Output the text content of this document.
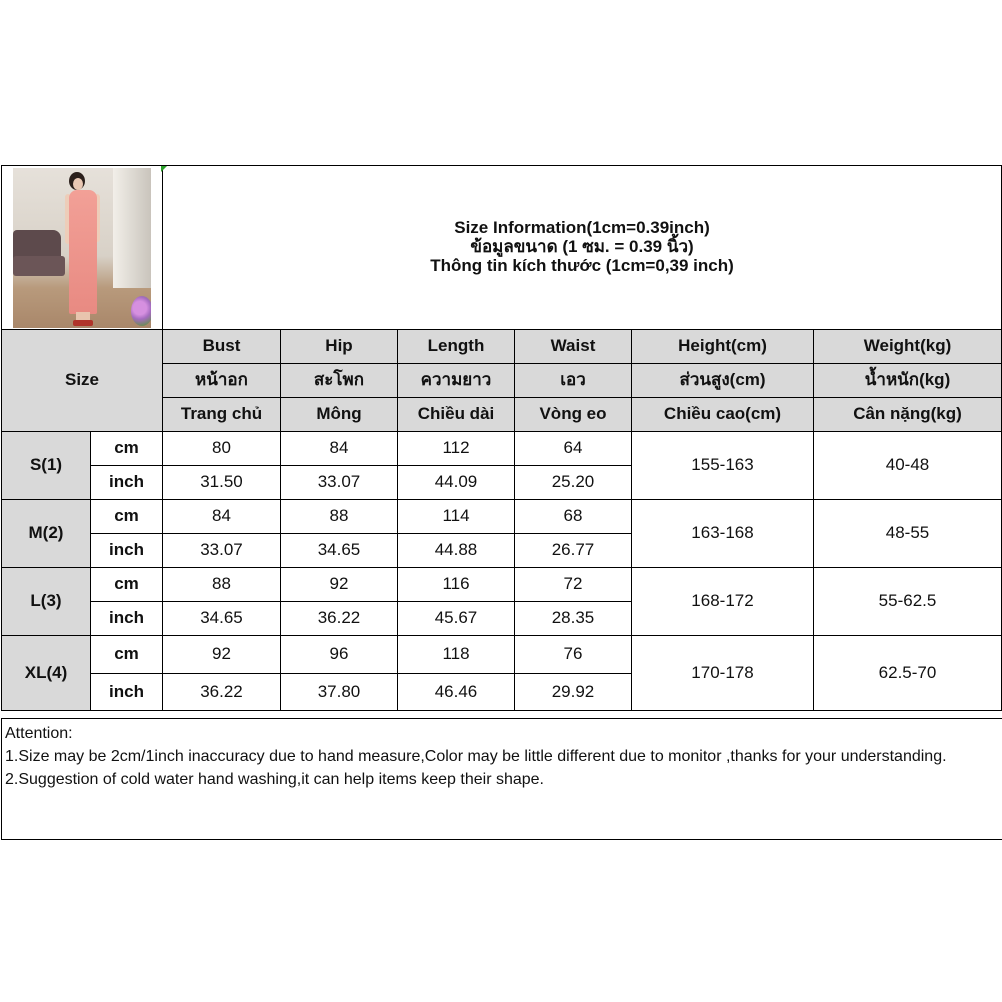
		Size Information(1cm=0.39inch)
ข้อมูลขนาด (1 ซม. = 0.39 นิ้ว)
Thông tin kích thước (1cm=0,39 inch)					

Size		Bust	Hip	Length	Waist	Height(cm)	Weight(kg)
		หน้าอก	สะโพก	ความยาว	เอว	ส่วนสูง(cm)	น้ำหนัก(kg)
		Trang chủ	Mông	Chiều dài	Vòng eo	Chiều cao(cm)	Cân nặng(kg)
S(1)	cm	80	84	112	64	155-163	40-48
	inch	31.50	33.07	44.09	25.20		
M(2)	cm	84	88	114	68	163-168	48-55
	inch	33.07	34.65	44.88	26.77		
L(3)	cm	88	92	116	72	168-172	55-62.5
	inch	34.65	36.22	45.67	28.35		
XL(4)	cm	92	96	118	76	170-178	62.5-70
	inch	36.22	37.80	46.46	29.92		

Attention:

1.Size may be 2cm/1inch inaccuracy due to hand measure,Color may be little different due to monitor ,thanks for your understanding.

2.Suggestion of cold water hand washing,it can help items keep their shape.
